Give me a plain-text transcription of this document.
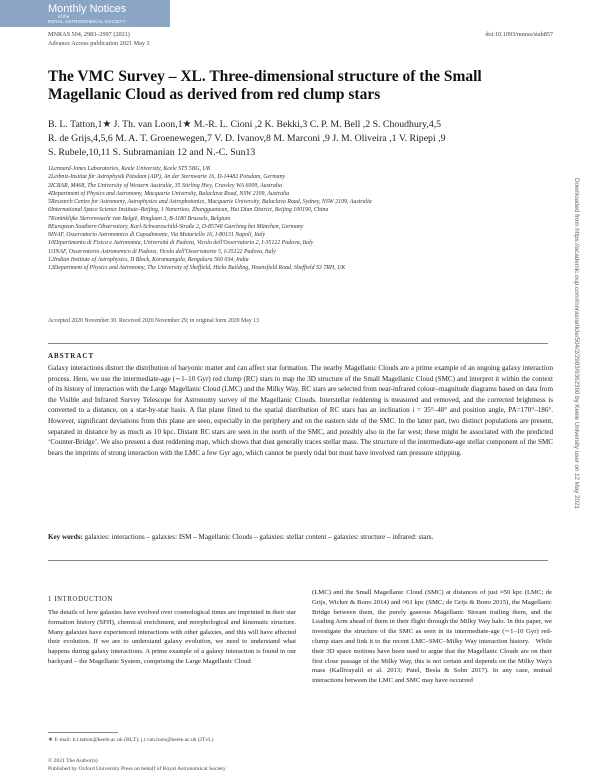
Monthly Notices
of the
ROYAL ASTRONOMICAL SOCIETY
MNRAS 504, 2983–2997 (2021)
Advance Access publication 2021 May 3
doi:10.1093/mnras/stab857
The VMC Survey – XL. Three-dimensional structure of the Small Magellanic Cloud as derived from red clump stars
B. L. Tatton,1★ J. Th. van Loon,1★ M.-R. L. Cioni ,2 K. Bekki,3 C. P. M. Bell ,2 S. Choudhury,4,5
R. de Grijs,4,5,6 M. A. T. Groenewegen,7 V. D. Ivanov,8 M. Marconi ,9 J. M. Oliveira ,1 V. Ripepi ,9
S. Rubele,10,11 S. Subramanian 12 and N.-C. Sun13
1Lennard-Jones Laboratories, Keele University, Keele ST5 5BG, UK
2Leibniz-Institut für Astrophysik Potsdam (AIP), An der Sternwarte 16, D-14482 Potsdam, Germany
3ICRAR, M468, The University of Western Australia, 35 Stirling Hwy, Crawley WA 6009, Australia
4Department of Physics and Astronomy, Macquarie University, Balaclava Road, NSW 2109, Australia
5Research Centre for Astronomy, Astrophysics and Astrophotonics, Macquarie University, Balaclava Road, Sydney, NSW 2109, Australia
6International Space Science Institute–Beijing, 1 Nanertiao, Zhongguancun, Hai Dian District, Beijing 100190, China
7Koninklijke Sterrenwacht van België, Ringlaan 3, B-1180 Brussels, Belgium
8European Southern Observatory, Karl-Schwarzschild-Straße 2, D-85748 Garching bei München, Germany
9INAF, Osservatorio Astronomico di Capodimonte, Via Moiariello 16, I-80131 Napoli, Italy
10Dipartimento di Fisica e Astronomia, Università di Padova, Vicolo dell'Osservatorio 2, I-35122 Padova, Italy
11INAF, Osservatorio Astronomico di Padova, Vicolo dell'Osservatorio 5, I-35122 Padova, Italy
12Indian Institute of Astrophysics, II Block, Koramangala, Bengaluru 560 034, India
13Department of Physics and Astronomy, The University of Sheffield, Hicks Building, Hounsfield Road, Sheffield S3 7RH, UK
Accepted 2020 November 30. Received 2020 November 29; in original form 2020 May 13
ABSTRACT
Galaxy interactions distort the distribution of baryonic matter and can affect star formation. The nearby Magellanic Clouds are a prime example of an ongoing galaxy interaction process. Here, we use the intermediate-age (∼1–10 Gyr) red clump (RC) stars to map the 3D structure of the Small Magellanic Cloud (SMC) and interpret it within the context of its history of interaction with the Large Magellanic Cloud (LMC) and the Milky Way. RC stars are selected from near-infrared colour–magnitude diagrams based on data from the Visible and Infrared Survey Telescope for Astronomy survey of the Magellanic Clouds. Interstellar reddening is measured and removed, and the corrected brightness is converted to a distance, on a star-by-star basis. A flat plane fitted to the spatial distribution of RC stars has an inclination i = 35°–48° and position angle, PA=170°–186°. However, significant deviations from this plane are seen, especially in the periphery and on the eastern side of the SMC. In the latter part, two distinct populations are present, separated in distance by as much as 10 kpc. Distant RC stars are seen in the north of the SMC, and possibly also in the far west; these might be associated with the predicted ‘Counter-Bridge’. We also present a dust reddening map, which shows that dust generally traces stellar mass. The structure of the intermediate-age stellar component of the SMC bears the imprints of strong interaction with the LMC a few Gyr ago, which cannot be purely tidal but must have involved ram pressure stripping.
Key words: galaxies: interactions – galaxies: ISM – Magellanic Clouds – galaxies: stellar content – galaxies: structure – infrared: stars.
1 INTRODUCTION
The details of how galaxies have evolved over cosmological times are imprinted in their star formation history (SFH), chemical enrichment, and morphological and kinematic structure. Many galaxies have experienced interactions with other galaxies, and this will have affected their evolution. If we are to understand galaxy evolution, we need to understand what happens during galaxy interactions. A prime example of a galaxy interaction is found in our backyard – the Magellanic System, comprising the Large Magellanic Cloud
(LMC) and the Small Magellanic Cloud (SMC) at distances of just ≈50 kpc (LMC; de Grijs, Wicker & Bono 2014) and ≈61 kpc (SMC; de Grijs & Bono 2015), the Magellanic Bridge between them, the purely gaseous Magellanic Stream trailing them, and the Leading Arm ahead of them in their flight through the Milky Way halo. In this paper, we investigate the structure of the SMC as seen in its intermediate-age (∼1–10 Gyr) red-clump stars and link it to the recent LMC–SMC–Milky Way interaction history.   While their 3D space motions have been used to argue that the Magellanic Clouds are on their first close passage of the Milky Way, this is not certain and depends on the Milky Way's mass (Kallivayalil et al. 2013; Patel, Besla & Sohn 2017). In any case, mutual interactions between the LMC and SMC may have occurred
★ E-mail: b.l.tatton@keele.ac.uk (BLT); j.t.van.loon@keele.ac.uk (JTvL)
© 2021 The Author(s)
Published by Oxford University Press on behalf of Royal Astronomical Society
Downloaded from https://academic.oup.com/mnras/article/504/2/2983/6362360 by Keele University user on 12 May 2021
